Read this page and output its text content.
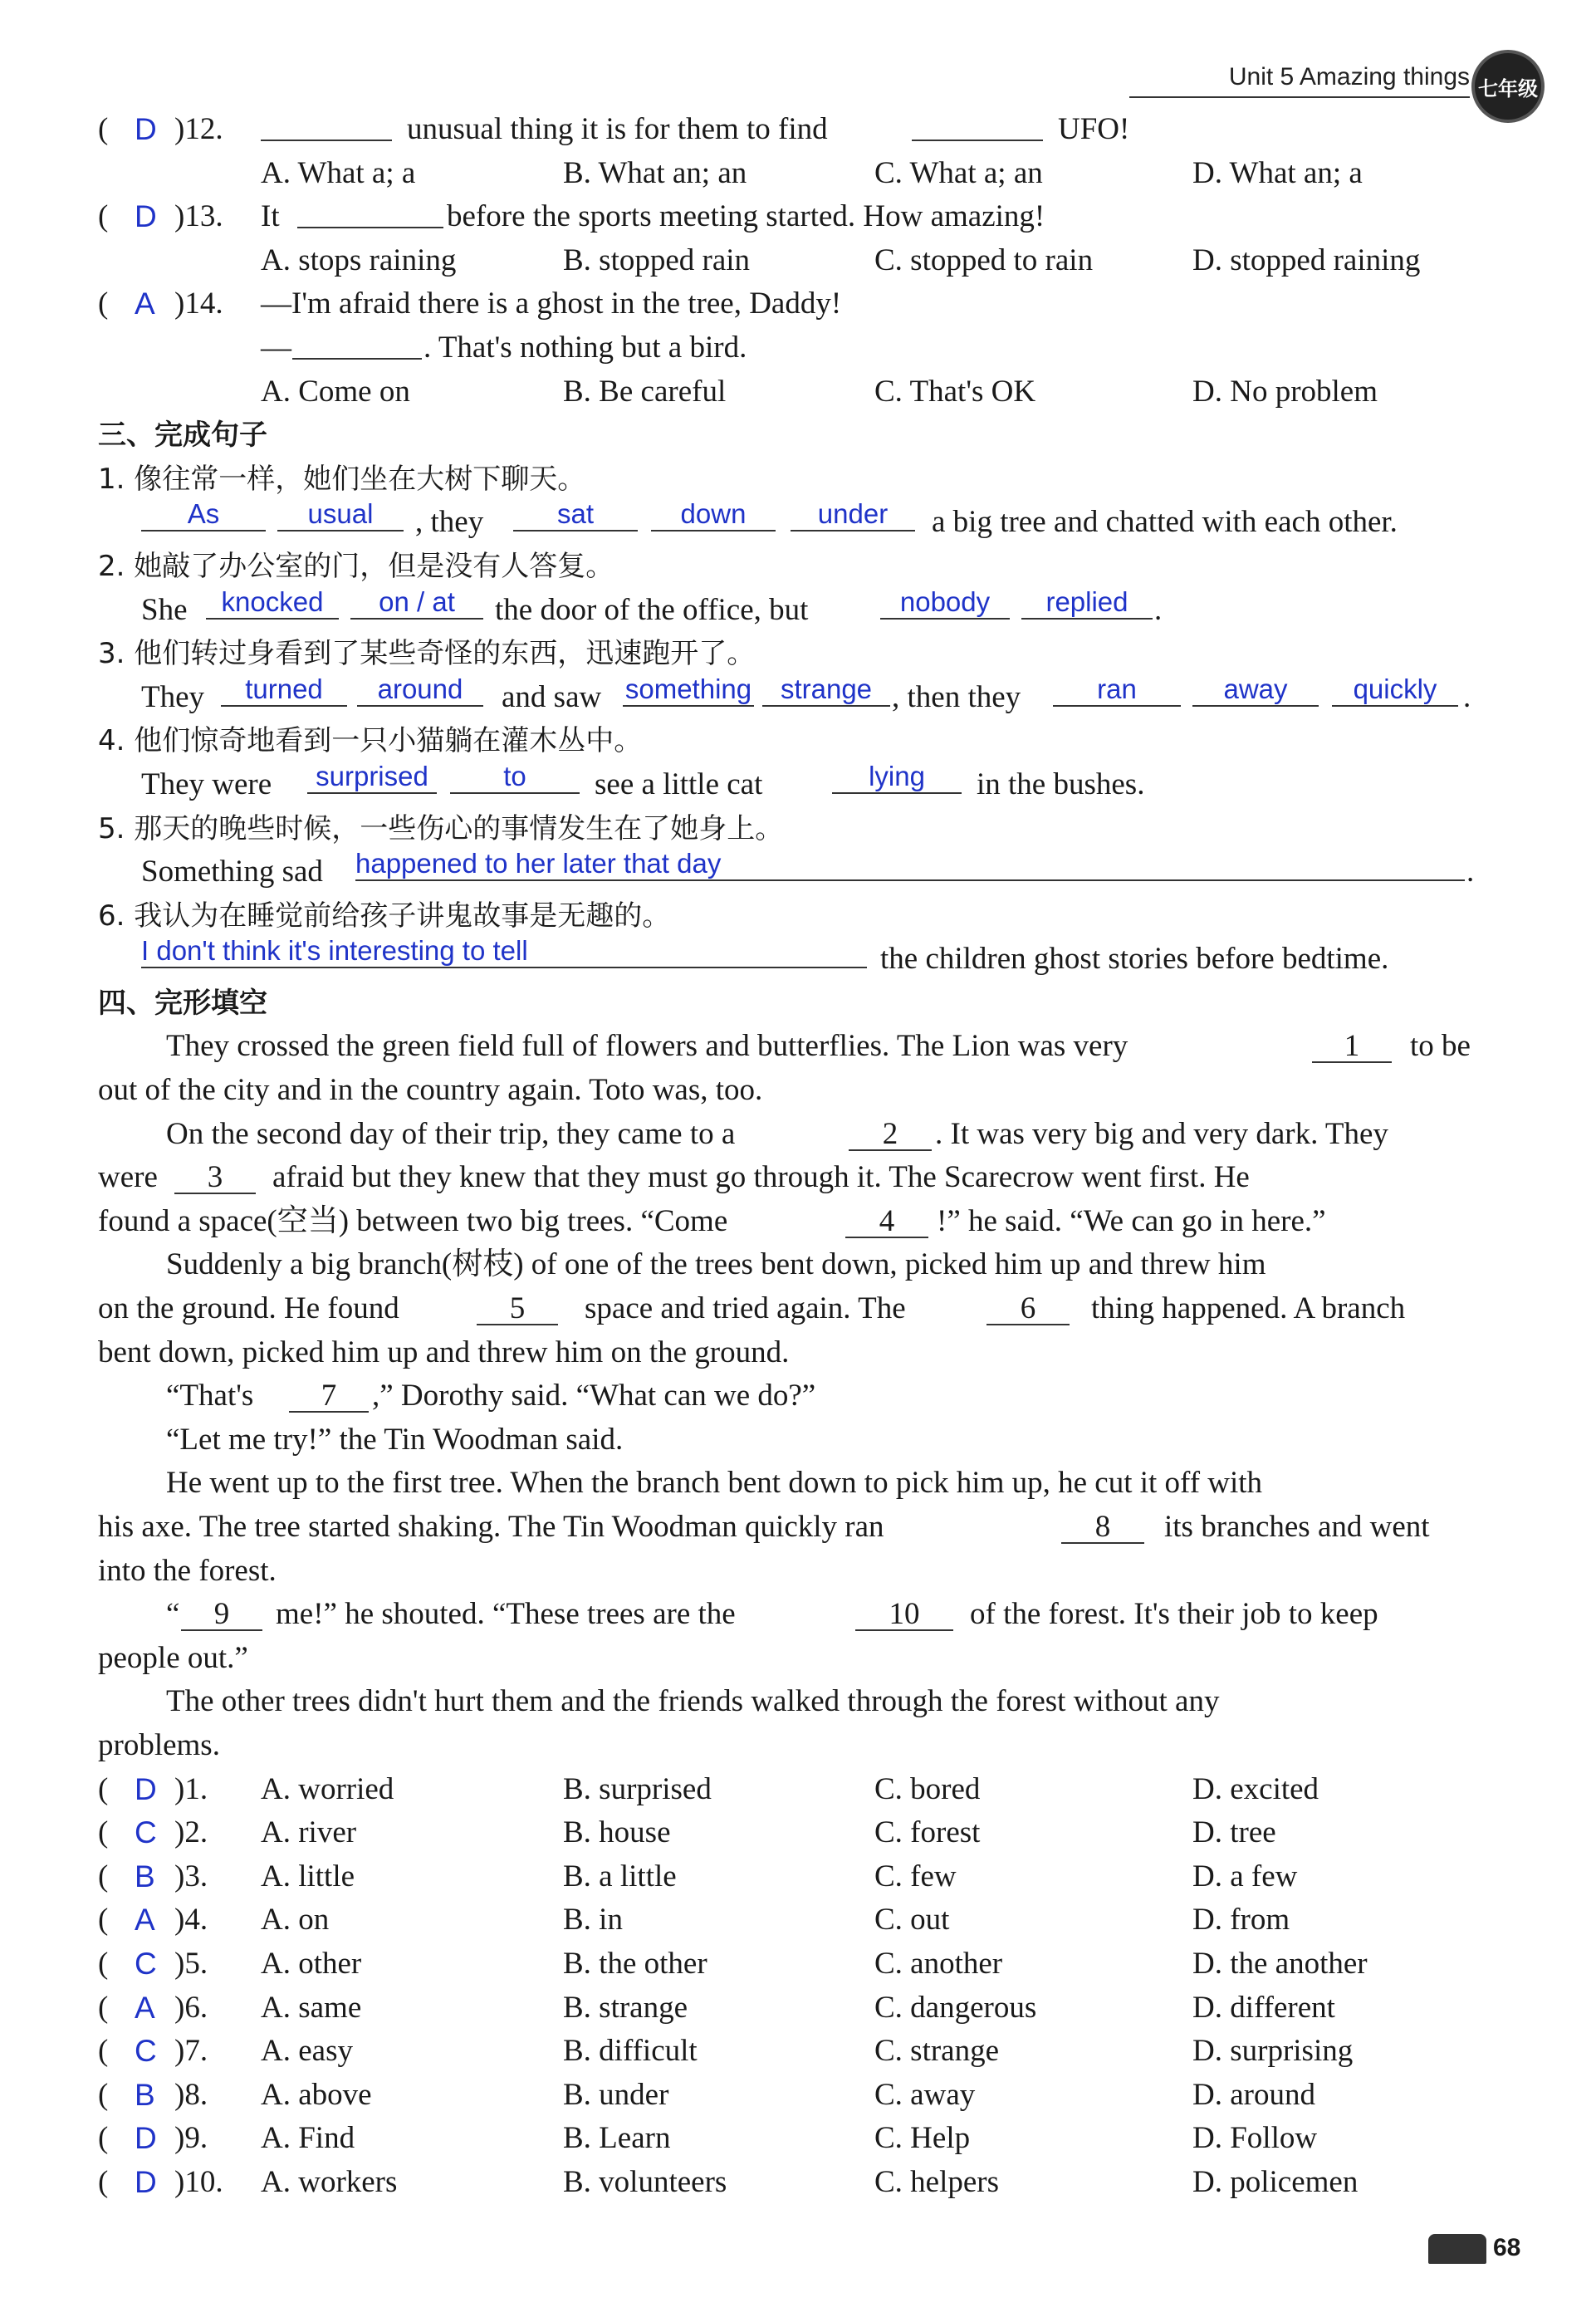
Unit 5 Amazing things 七年级
( D )12.	unusual thing it is for them to find	UFO!
A. What a; a	B. What an; an	C. What a; an	D. What an; a
( D )13. It	before the sports meeting started. How amazing!
A. stops raining	B. stopped rain	C. stopped to rain	D. stopped raining
( A )14. —I'm afraid there is a ghost in the tree, Daddy!
—	. That's nothing but a bird.
A. Come on	B. Be careful	C. That's OK	D. No problem
三、完成句子
1. 像往常一样，她们坐在大树下聊天。
As	usual	, they	sat	down	under	a big tree and chatted with each other.
2. 她敲了办公室的门，但是没有人答复。
She	knocked	on / at	the door of the office, but	nobody	replied .
3. 他们转过身看到了某些奇怪的东西，迅速跑开了。
They	turned	around	and saw something	strange , then they	ran	away	quickly .
4. 他们惊奇地看到一只小猫躺在灌木丛中。
They were	surprised	to	see a little cat	lying	in the bushes.
5. 那天的晚些时候，一些伤心的事情发生在了她身上。
Something sad happened to her later that day	.
6. 我认为在睡觉前给孩子讲鬼故事是无趣的。
I don't think it's interesting to tell	the children ghost stories before bedtime.
四、完形填空
They crossed the green field full of flowers and butterflies. The Lion was very	1	to be
out of the city and in the country again. Toto was, too.
On the second day of their trip, they came to a	2	. It was very big and very dark. They
were	3	afraid but they knew that they must go through it. The Scarecrow went first. He
found a space(空当) between two big trees. “Come	4	!” he said. “We can go in here.”
Suddenly a big branch(树枝) of one of the trees bent down, picked him up and threw him
on the ground. He found	5	space and tried again. The	6	thing happened. A branch
bent down, picked him up and threw him on the ground.
“That's	7	,” Dorothy said. “What can we do?”
“Let me try!” the Tin Woodman said.
He went up to the first tree. When the branch bent down to pick him up, he cut it off with
his axe. The tree started shaking. The Tin Woodman quickly ran	8	its branches and went
into the forest.
“	9	me!” he shouted. “These trees are the	10	of the forest. It's their job to keep
people out.”
The other trees didn't hurt them and the friends walked through the forest without any
problems.
( D )1. A. worried	B. surprised	C. bored	D. excited
( C )2. A. river	B. house	C. forest	D. tree
( B )3. A. little	B. a little	C. few	D. a few
( A )4. A. on	B. in	C. out	D. from
( C )5. A. other	B. the other	C. another	D. the another
( A )6. A. same	B. strange	C. dangerous	D. different
( C )7. A. easy	B. difficult	C. strange	D. surprising
( B )8. A. above	B. under	C. away	D. around
( D )9. A. Find	B. Learn	C. Help	D. Follow
( D )10. A. workers	B. volunteers	C. helpers	D. policemen
68
